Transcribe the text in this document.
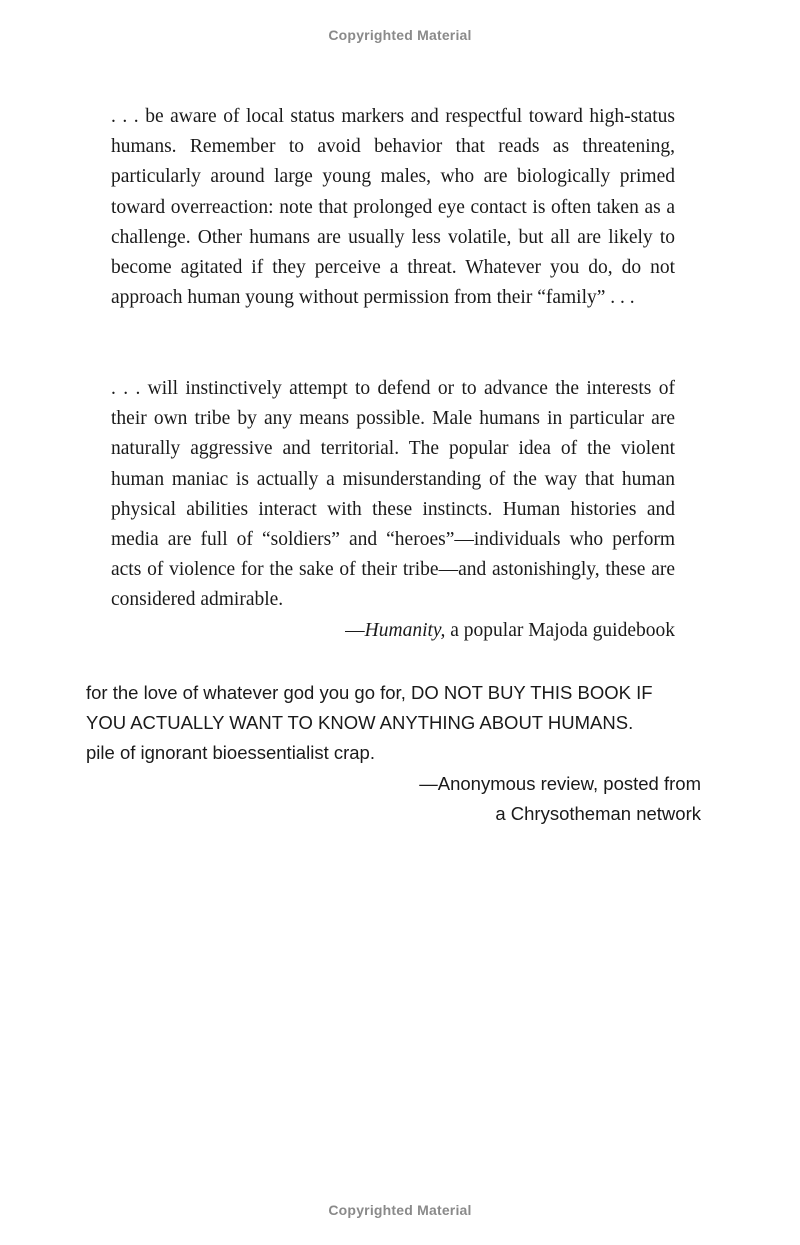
Copyrighted Material

. . . be aware of local status markers and respectful toward high-status humans. Remember to avoid behavior that reads as threatening, particularly around large young males, who are biologically primed toward overreaction: note that prolonged eye contact is often taken as a challenge. Other humans are usually less volatile, but all are likely to become agitated if they perceive a threat. Whatever you do, do not approach human young without permission from their “family” . . .

. . . will instinctively attempt to defend or to advance the interests of their own tribe by any means possible. Male humans in particular are naturally aggressive and territorial. The popular idea of the violent human maniac is actually a misunderstanding of the way that human physical abilities interact with these instincts. Human histories and media are full of “soldiers” and “heroes”—individuals who perform acts of violence for the sake of their tribe—and astonishingly, these are considered admirable.

—Humanity, a popular Majoda guidebook

for the love of whatever god you go for, DO NOT BUY THIS BOOK IF

YOU ACTUALLY WANT TO KNOW ANYTHING ABOUT HUMANS.

pile of ignorant bioessentialist crap.

—Anonymous review, posted from

a Chrysotheman network

Copyrighted Material
